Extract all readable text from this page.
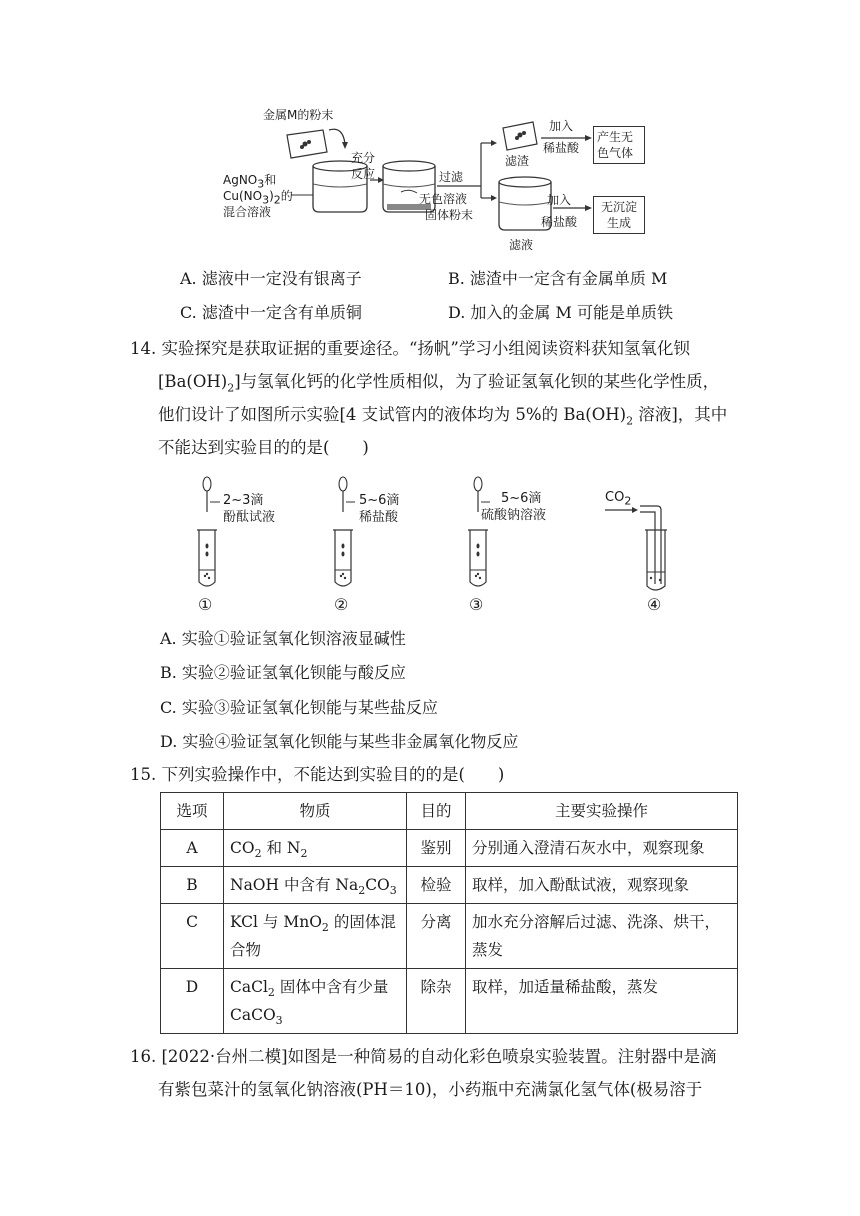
金属M的粉末
AgNO$_3$和
$Cu(NO_3)_2$的
混合溶液
充分
反应	过滤
无色溶液
固体粉末
滤渣
滤液
加入
稀盐酸
加入
稀盐酸
产生无
色气体
无沉淀
生成
A. 滤液中一定没有银离子	B. 滤渣中一定含有金属单质 M
C. 滤渣中一定含有单质铜	D. 加入的金属 M 可能是单质铁
14. 实验探究是获取证据的重要途径。“扬帆”学习小组阅读资料获知氢氧化钡
$[Ba(OH)_2]$与氢氧化钙的化学性质相似，为了验证氢氧化钡的某些化学性质，
他们设计了如图所示实验[4 支试管内的液体均为 5%的 $Ba(OH)_2$ 溶液]，其中
不能达到实验目的的是(　　)
2~3滴
酚酞试液
5~6滴
稀盐酸
5~6滴
硫酸钠溶液
$CO_2$
①	②	③	④
A. 实验①验证氢氧化钡溶液显碱性
B. 实验②验证氢氧化钡能与酸反应
C. 实验③验证氢氧化钡能与某些盐反应
D. 实验④验证氢氧化钡能与某些非金属氧化物反应
15. 下列实验操作中，不能达到实验目的的是(　　)
选项	物质	目的	主要实验操作
A	$CO_2$ 和 $N_2$	鉴别	分别通入澄清石灰水中，观察现象
B	NaOH 中含有 $Na_2CO_3$	检验	取样，加入酚酞试液，观察现象
C	KCl 与 MnO$_2$ 的固体混合物	分离	加水充分溶解后过滤、洗涤、烘干，蒸发
D	CaCl$_2$ 固体中含有少量 CaCO$_3$	除杂	取样，加适量稀盐酸，蒸发
16. [2022·台州二模]如图是一种简易的自动化彩色喷泉实验装置。注射器中是滴
有紫包菜汁的氢氧化钠溶液(PH＝10)，小药瓶中充满氯化氢气体(极易溶于
